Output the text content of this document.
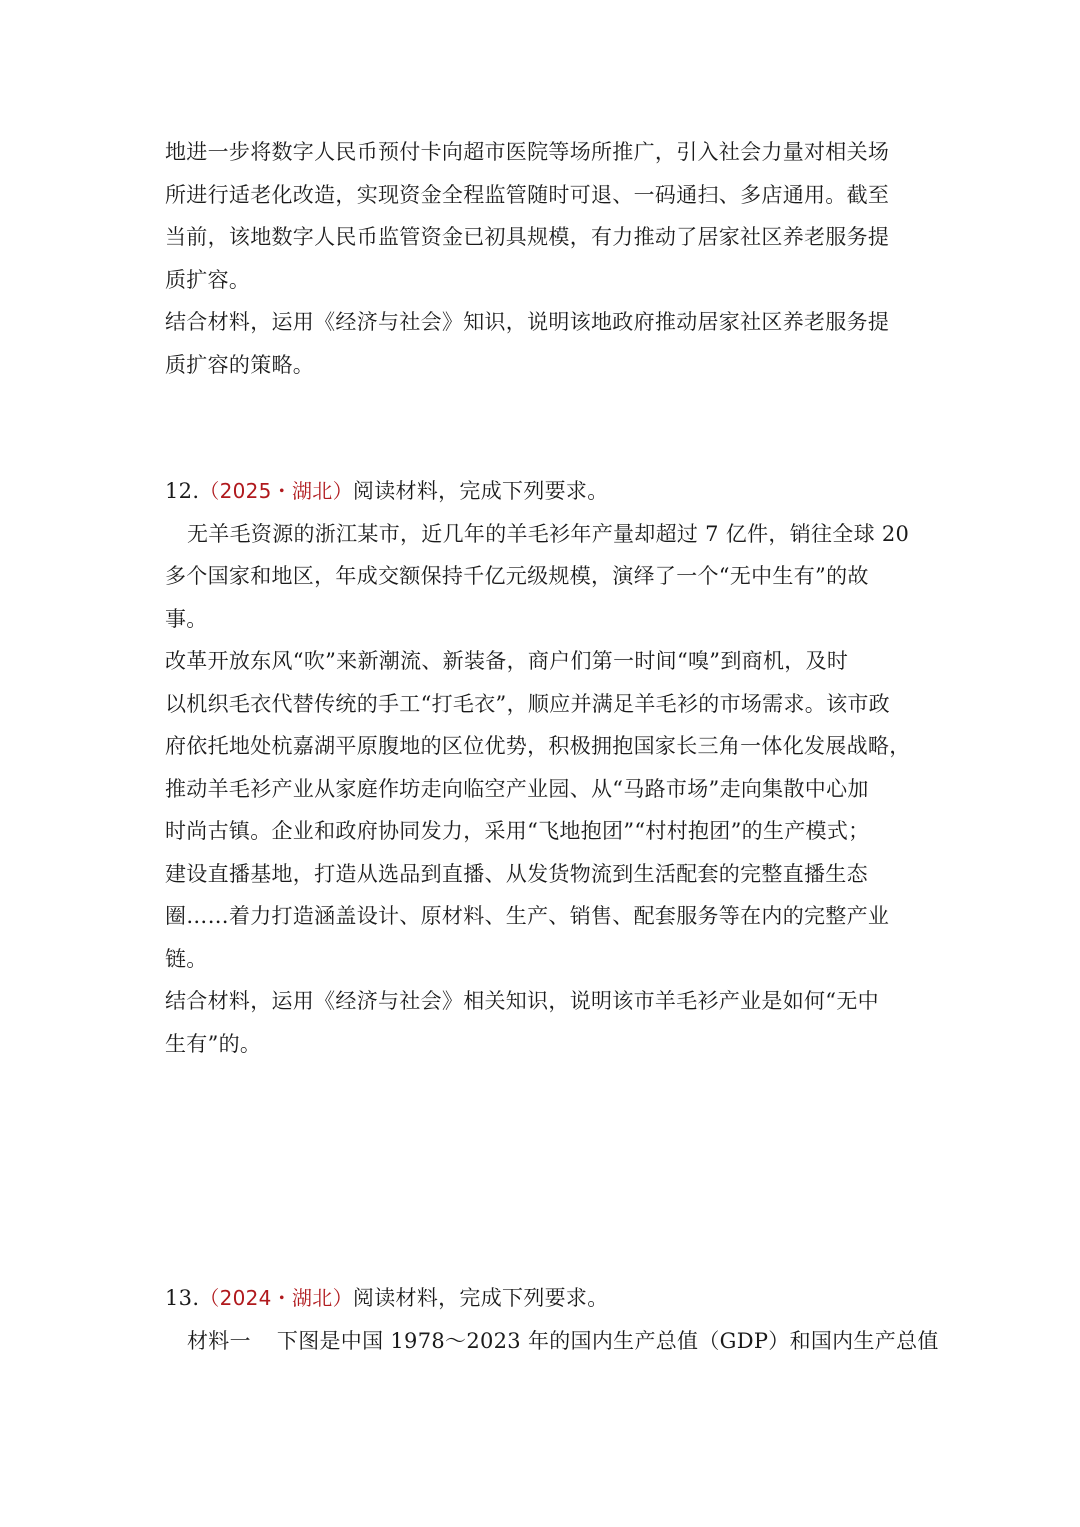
地进一步将数字人民币预付卡向超市医院等场所推广，引入社会力量对相关场
所进行适老化改造，实现资金全程监管随时可退、一码通扫、多店通用。截至
当前，该地数字人民币监管资金已初具规模，有力推动了居家社区养老服务提
质扩容。
结合材料，运用《经济与社会》知识，说明该地政府推动居家社区养老服务提
质扩容的策略。
12.（2025・湖北）阅读材料，完成下列要求。
无羊毛资源的浙江某市，近几年的羊毛衫年产量却超过 7 亿件，销往全球 20
多个国家和地区，年成交额保持千亿元级规模，演绎了一个“无中生有”的故
事。
改革开放东风“吹”来新潮流、新装备，商户们第一时间“嗅”到商机，及时
以机织毛衣代替传统的手工“打毛衣”，顺应并满足羊毛衫的市场需求。该市政
府依托地处杭嘉湖平原腹地的区位优势，积极拥抱国家长三角一体化发展战略，
推动羊毛衫产业从家庭作坊走向临空产业园、从“马路市场”走向集散中心加
时尚古镇。企业和政府协同发力，采用“飞地抱团”“村村抱团”的生产模式；
建设直播基地，打造从选品到直播、从发货物流到生活配套的完整直播生态
圈……着力打造涵盖设计、原材料、生产、销售、配套服务等在内的完整产业
链。
结合材料，运用《经济与社会》相关知识，说明该市羊毛衫产业是如何“无中
生有”的。
13.（2024・湖北）阅读材料，完成下列要求。
材料一 下图是中国 1978～2023 年的国内生产总值（GDP）和国内生产总值
